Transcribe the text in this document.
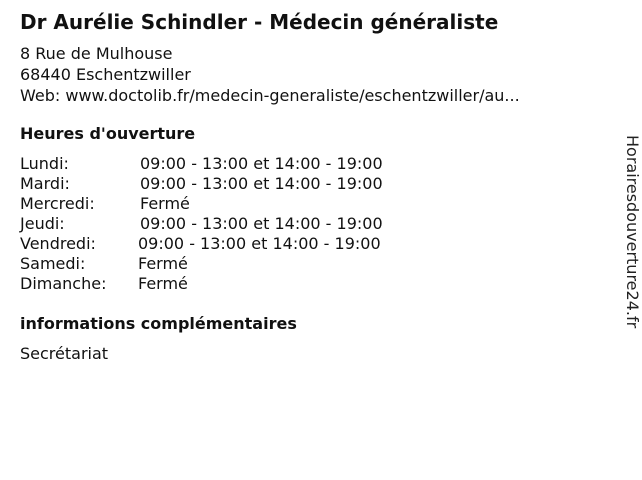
Dr Aurélie Schindler - Médecin généraliste
8 Rue de Mulhouse
68440 Eschentzwiller
Web: www.doctolib.fr/medecin-generaliste/eschentzwiller/au...
Heures d'ouverture
Lundi:	09:00 - 13:00 et 14:00 - 19:00
Mardi:	09:00 - 13:00 et 14:00 - 19:00
Mercredi:	Fermé
Jeudi:	09:00 - 13:00 et 14:00 - 19:00
Vendredi:	09:00 - 13:00 et 14:00 - 19:00
Samedi:	Fermé
Dimanche: Fermé
informations complémentaires
Secrétariat
Horairesdouverture24.fr
